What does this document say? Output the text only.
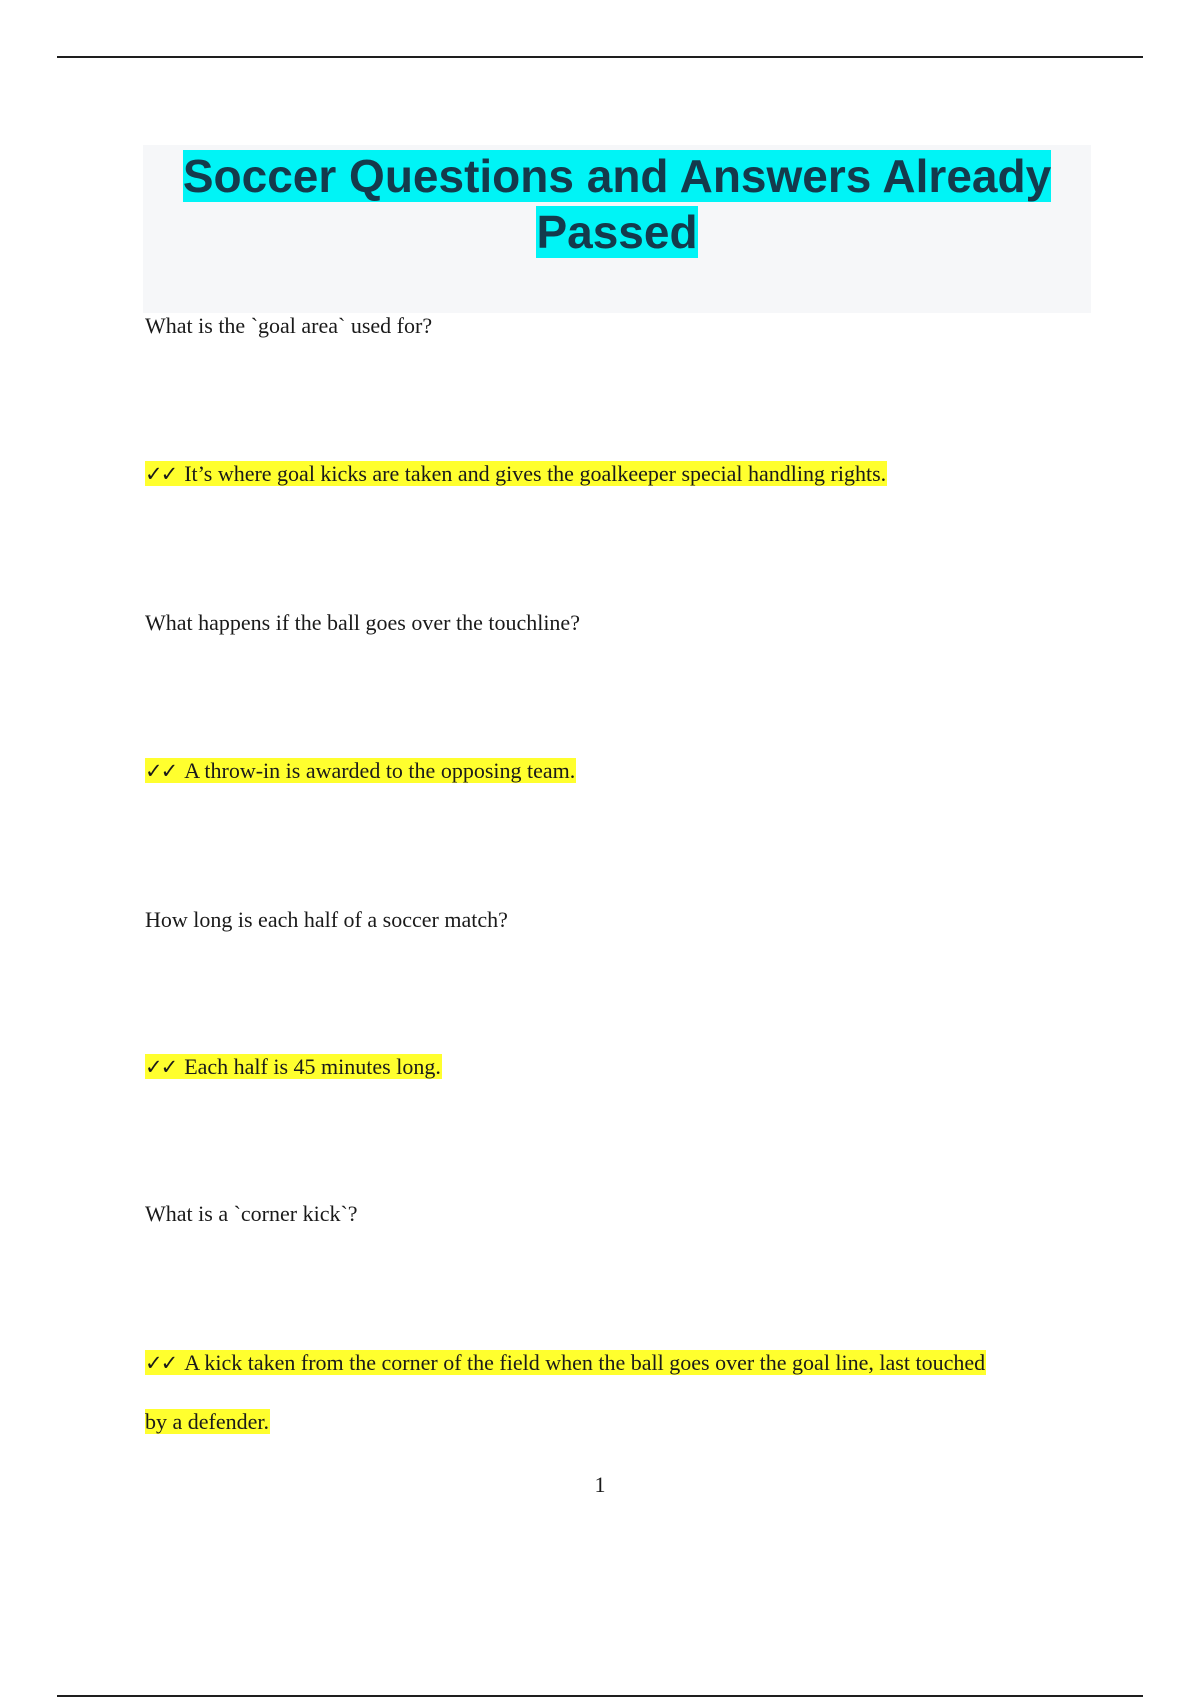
Soccer Questions and Answers Already Passed
What is the `goal area` used for?
✓✓ It’s where goal kicks are taken and gives the goalkeeper special handling rights.
What happens if the ball goes over the touchline?
✓✓ A throw-in is awarded to the opposing team.
How long is each half of a soccer match?
✓✓ Each half is 45 minutes long.
What is a `corner kick`?
✓✓ A kick taken from the corner of the field when the ball goes over the goal line, last touched
by a defender.
1
